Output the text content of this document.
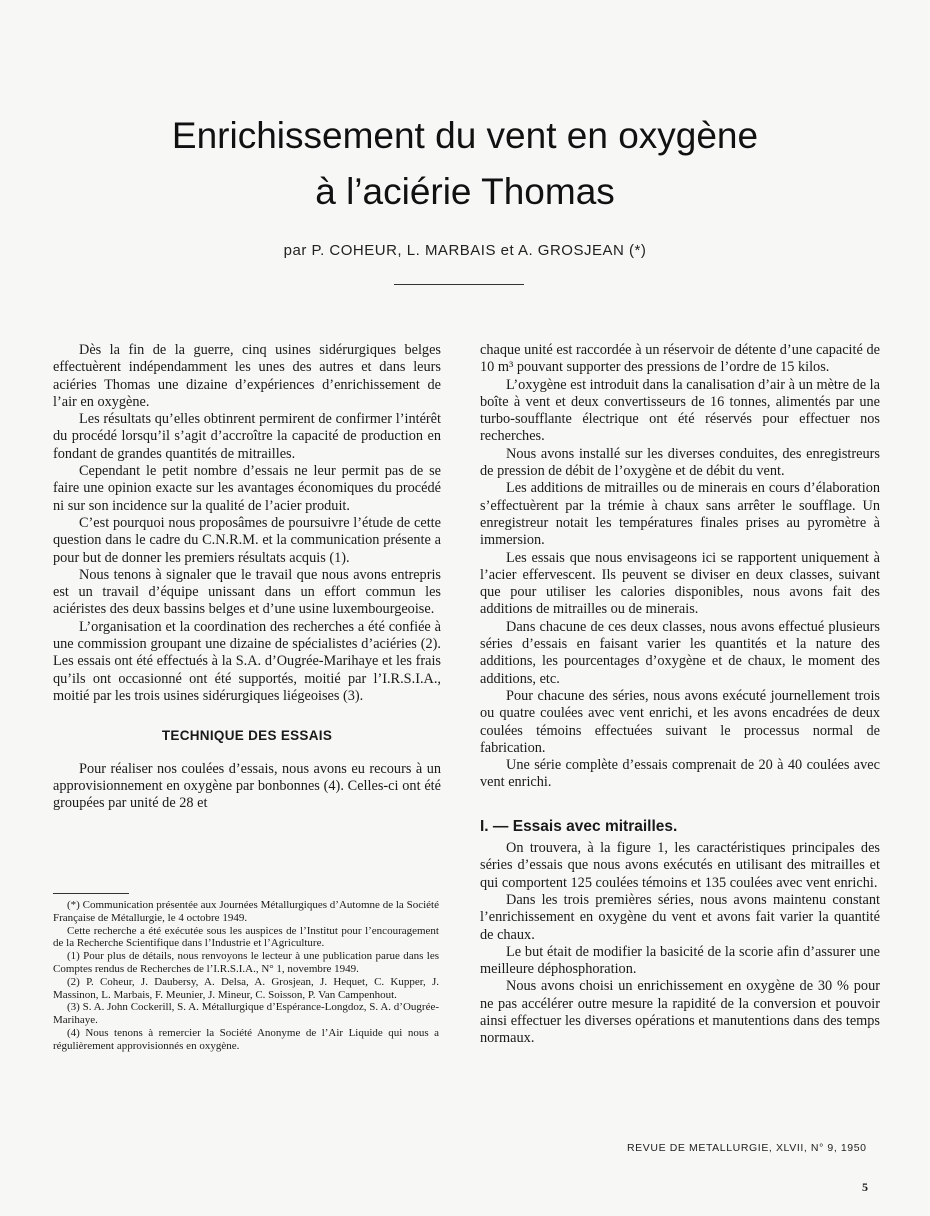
Enrichissement du vent en oxygène
à l’aciérie Thomas
par P. COHEUR, L. MARBAIS et A. GROSJEAN (*)

Dès la fin de la guerre, cinq usines sidérurgiques belges effectuèrent indépendamment les unes des autres et dans leurs aciéries Thomas une dizaine d’expériences d’enrichissement de l’air en oxygène.

Les résultats qu’elles obtinrent permirent de confirmer l’intérêt du procédé lorsqu’il s’agit d’accroître la capacité de production en fondant de grandes quantités de mitrailles.

Cependant le petit nombre d’essais ne leur permit pas de se faire une opinion exacte sur les avantages économiques du procédé ni sur son incidence sur la qualité de l’acier produit.

C’est pourquoi nous proposâmes de poursuivre l’étude de cette question dans le cadre du C.N.R.M. et la communication présente a pour but de donner les premiers résultats acquis (1).

Nous tenons à signaler que le travail que nous avons entrepris est un travail d’équipe unissant dans un effort commun les aciéristes des deux bassins belges et d’une usine luxembourgeoise.

L’organisation et la coordination des recherches a été confiée à une commission groupant une dizaine de spécialistes d’aciéries (2). Les essais ont été effectués à la S.A. d’Ougrée-Marihaye et les frais qu’ils ont occasionné ont été supportés, moitié par l’I.R.S.I.A., moitié par les trois usines sidérurgiques liégeoises (3).

TECHNIQUE DES ESSAIS

Pour réaliser nos coulées d’essais, nous avons eu recours à un approvisionnement en oxygène par bonbonnes (4). Celles-ci ont été groupées par unité de 28 et

(*) Communication présentée aux Journées Métallurgiques d’Automne de la Société Française de Métallurgie, le 4 octobre 1949.

Cette recherche a été exécutée sous les auspices de l’Institut pour l’encouragement de la Recherche Scientifique dans l’Industrie et l’Agriculture.

(1) Pour plus de détails, nous renvoyons le lecteur à une publication parue dans les Comptes rendus de Recherches de l’I.R.S.I.A., N° 1, novembre 1949.

(2) P. Coheur, J. Daubersy, A. Delsa, A. Grosjean, J. Hequet, C. Kupper, J. Massinon, L. Marbais, F. Meunier, J. Mineur, C. Soisson, P. Van Campenhout.

(3) S. A. John Cockerill, S. A. Métallurgique d’Espérance-Longdoz, S. A. d’Ougrée-Marihaye.

(4) Nous tenons à remercier la Société Anonyme de l’Air Liquide qui nous a régulièrement approvisionnés en oxygène.

chaque unité est raccordée à un réservoir de détente d’une capacité de 10 m³ pouvant supporter des pressions de l’ordre de 15 kilos.

L’oxygène est introduit dans la canalisation d’air à un mètre de la boîte à vent et deux convertisseurs de 16 tonnes, alimentés par une turbo-soufflante électrique ont été réservés pour effectuer nos recherches.

Nous avons installé sur les diverses conduites, des enregistreurs de pression de débit de l’oxygène et de débit du vent.

Les additions de mitrailles ou de minerais en cours d’élaboration s’effectuèrent par la trémie à chaux sans arrêter le soufflage. Un enregistreur notait les températures finales prises au pyromètre à immersion.

Les essais que nous envisageons ici se rapportent uniquement à l’acier effervescent. Ils peuvent se diviser en deux classes, suivant que pour utiliser les calories disponibles, nous avons fait des additions de mitrailles ou de minerais.

Dans chacune de ces deux classes, nous avons effectué plusieurs séries d’essais en faisant varier les quantités et la nature des additions, les pourcentages d’oxygène et de chaux, le moment des additions, etc.

Pour chacune des séries, nous avons exécuté journellement trois ou quatre coulées avec vent enrichi, et les avons encadrées de deux coulées témoins effectuées suivant le processus normal de fabrication.

Une série complète d’essais comprenait de 20 à 40 coulées avec vent enrichi.

I. — Essais avec mitrailles.

On trouvera, à la figure 1, les caractéristiques principales des séries d’essais que nous avons exécutés en utilisant des mitrailles et qui comportent 125 coulées témoins et 135 coulées avec vent enrichi.

Dans les trois premières séries, nous avons maintenu constant l’enrichissement en oxygène du vent et avons fait varier la quantité de chaux.

Le but était de modifier la basicité de la scorie afin d’assurer une meilleure déphosphoration.

Nous avons choisi un enrichissement en oxygène de 30 % pour ne pas accélérer outre mesure la rapidité de la conversion et pouvoir ainsi effectuer les diverses opérations et manutentions dans des temps normaux.

REVUE DE METALLURGIE, XLVII, N° 9, 1950
5
